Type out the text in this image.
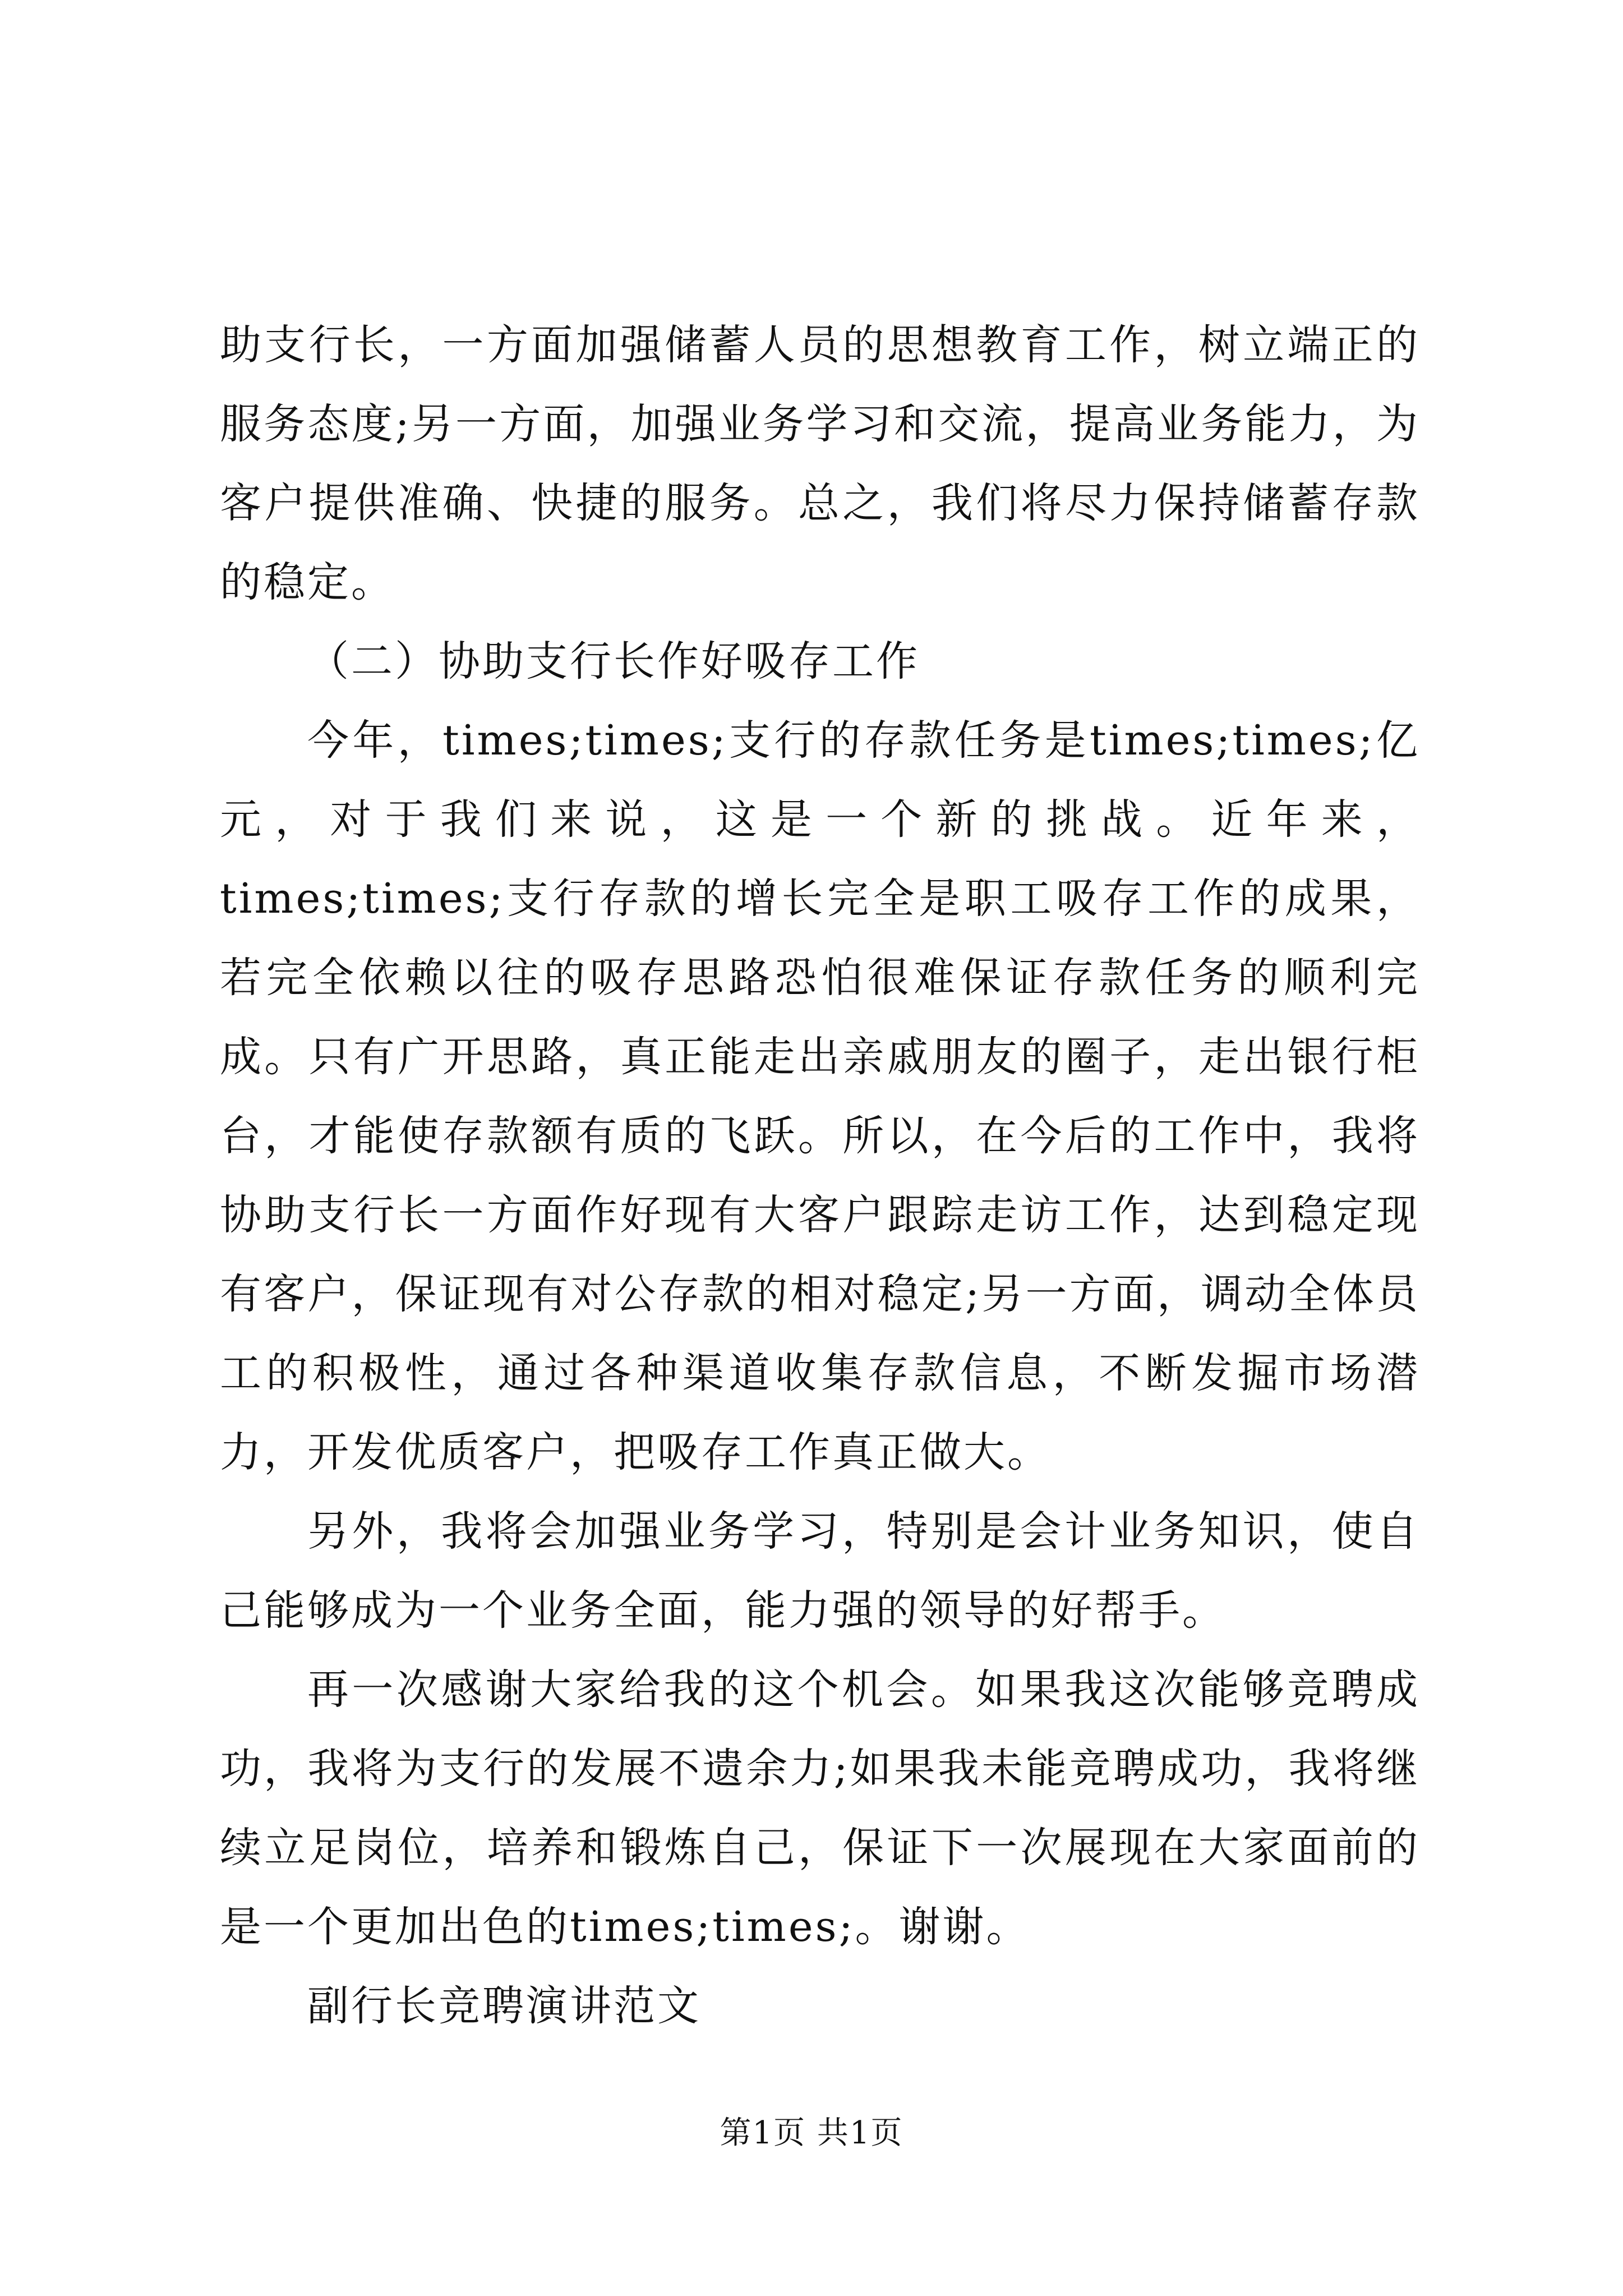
助支行长，一方面加强储蓄人员的思想教育工作，树立端正的服务态度;另一方面，加强业务学习和交流，提高业务能力，为客户提供准确、快捷的服务。总之，我们将尽力保持储蓄存款的稳定。

（二）协助支行长作好吸存工作

今年，times;times;支行的存款任务是times;times;亿元，对于我们来说，这是一个新的挑战。近年来，times;times;支行存款的增长完全是职工吸存工作的成果，若完全依赖以往的吸存思路恐怕很难保证存款任务的顺利完成。只有广开思路，真正能走出亲戚朋友的圈子，走出银行柜台，才能使存款额有质的飞跃。所以，在今后的工作中，我将协助支行长一方面作好现有大客户跟踪走访工作，达到稳定现有客户，保证现有对公存款的相对稳定;另一方面，调动全体员工的积极性，通过各种渠道收集存款信息，不断发掘市场潜力，开发优质客户，把吸存工作真正做大。

另外，我将会加强业务学习，特别是会计业务知识，使自己能够成为一个业务全面，能力强的领导的好帮手。

再一次感谢大家给我的这个机会。如果我这次能够竞聘成功，我将为支行的发展不遗余力;如果我未能竞聘成功，我将继续立足岗位，培养和锻炼自己，保证下一次展现在大家面前的是一个更加出色的times;times;。谢谢。

副行长竞聘演讲范文

第1页 共1页
